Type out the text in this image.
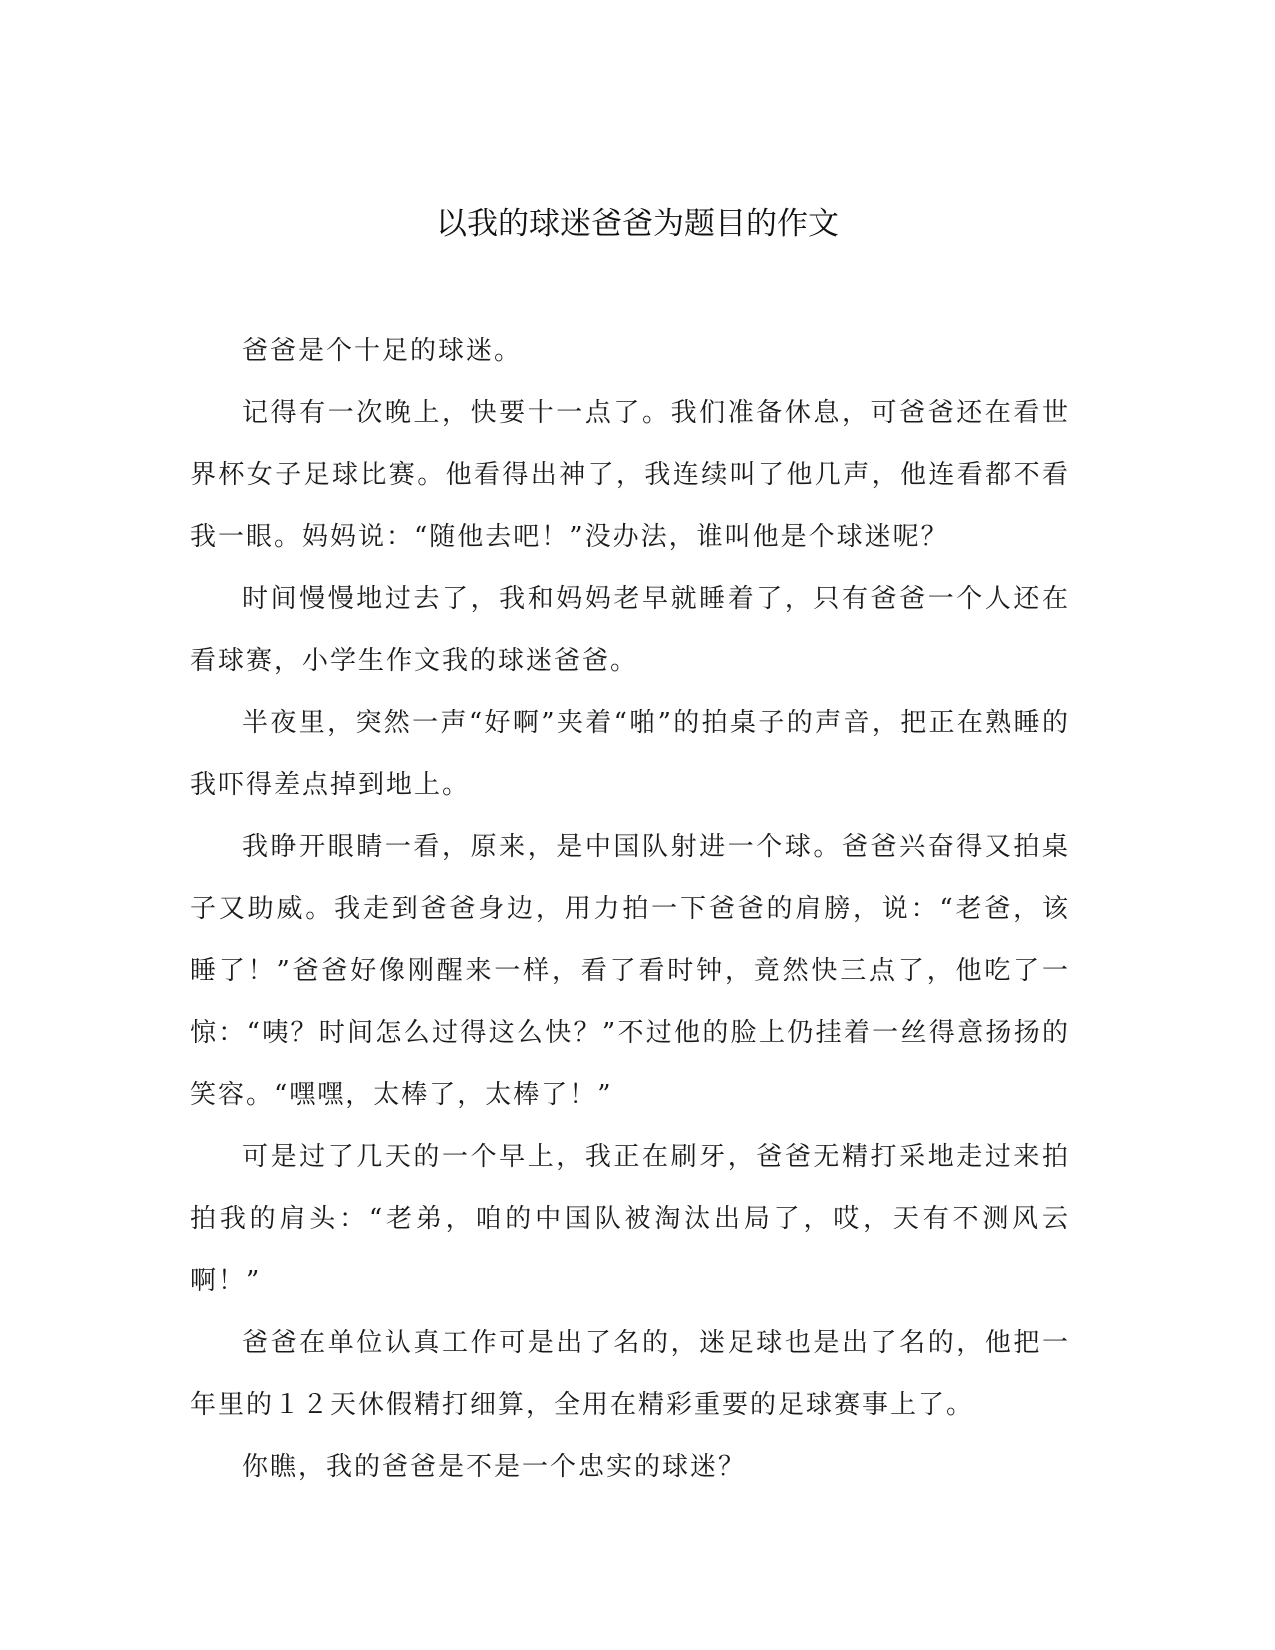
以我的球迷爸爸为题目的作文

爸爸是个十足的球迷。

记得有一次晚上，快要十一点了。我们准备休息，可爸爸还在看世界杯女子足球比赛。他看得出神了，我连续叫了他几声，他连看都不看我一眼。妈妈说：“随他去吧！”没办法，谁叫他是个球迷呢？

时间慢慢地过去了，我和妈妈老早就睡着了，只有爸爸一个人还在看球赛，小学生作文我的球迷爸爸。

半夜里，突然一声“好啊”夹着“啪”的拍桌子的声音，把正在熟睡的我吓得差点掉到地上。

我睁开眼睛一看，原来，是中国队射进一个球。爸爸兴奋得又拍桌子又助威。我走到爸爸身边，用力拍一下爸爸的肩膀，说：“老爸，该睡了！”爸爸好像刚醒来一样，看了看时钟，竟然快三点了，他吃了一惊：“咦？时间怎么过得这么快？”不过他的脸上仍挂着一丝得意扬扬的笑容。“嘿嘿，太棒了，太棒了！”

可是过了几天的一个早上，我正在刷牙，爸爸无精打采地走过来拍拍我的肩头：“老弟，咱的中国队被淘汰出局了，哎，天有不测风云啊！”

爸爸在单位认真工作可是出了名的，迷足球也是出了名的，他把一年里的１２天休假精打细算，全用在精彩重要的足球赛事上了。

你瞧，我的爸爸是不是一个忠实的球迷？
